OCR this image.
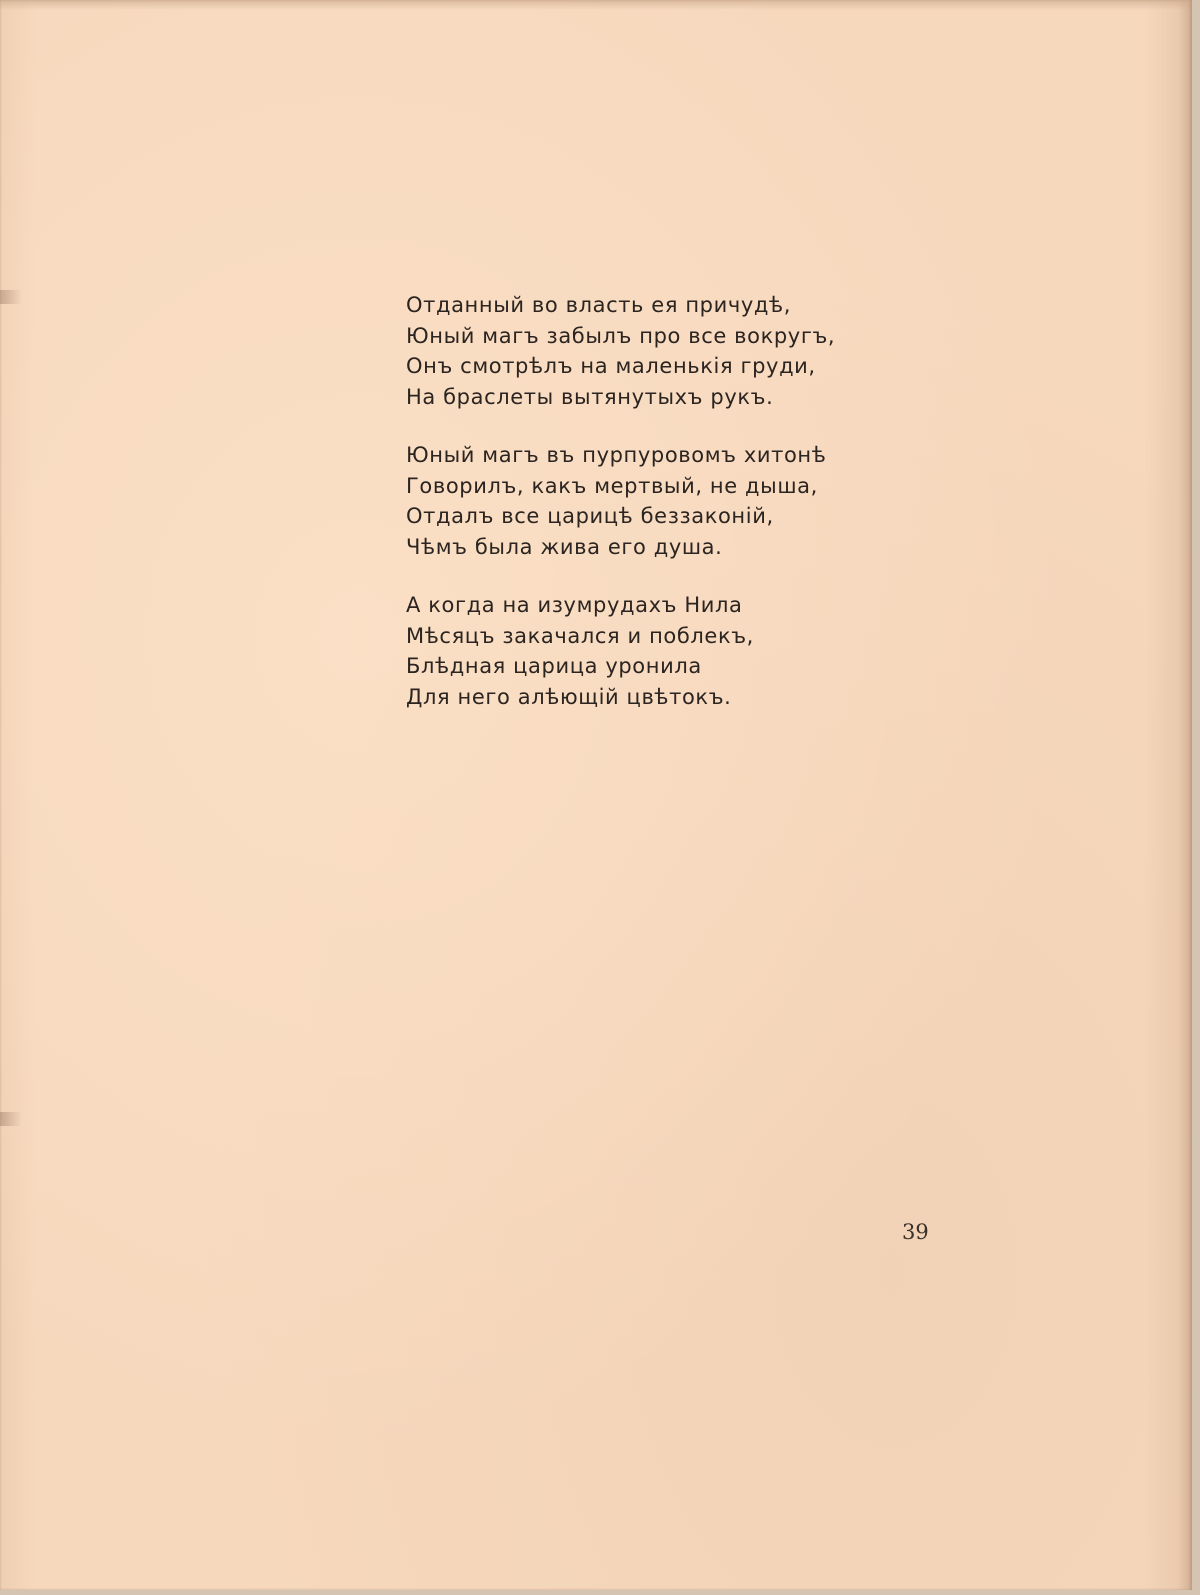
Отданный во власть ея причудѣ,
Юный магъ забылъ про все вокругъ,
Онъ смотрѣлъ на маленькія груди,
На браслеты вытянутыхъ рукъ.
Юный магъ въ пурпуровомъ хитонѣ
Говорилъ, какъ мертвый, не дыша,
Отдалъ все царицѣ беззаконій,
Чѣмъ была жива его душа.
А когда на изумрудахъ Нила
Мѣсяцъ закачался и поблекъ,
Блѣдная царица уронила
Для него алѣющій цвѣтокъ.
39
